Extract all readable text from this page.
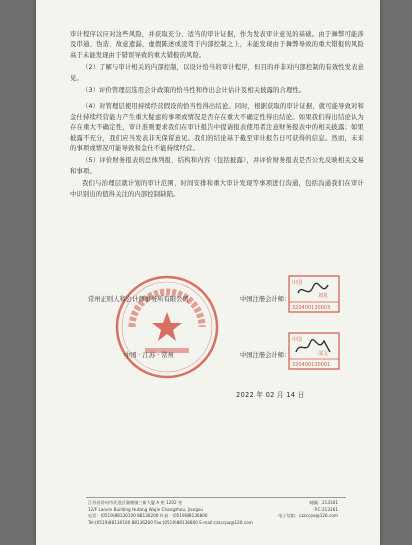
审计程序以应对这些风险，并获取充分、适当的审计证据，作为发表审计意见的基础。由于舞弊可能涉及串通、伪造、故意遗漏、虚假陈述或凌驾于内部控制之上，未能发现由于舞弊导致的重大错报的风险高于未能发现由于错误导致的重大错报的风险。

（2）了解与审计相关的内部控制，以设计恰当的审计程序，但目的并非对内部控制的有效性发表意见。

（3）评价管理层选用会计政策的恰当性和作出会计估计及相关披露的合理性。

（4）对管理层使用持续经营假设的恰当性得出结论。同时，根据获取的审计证据，就可能导致对和金仕持续经营能力产生重大疑虑的事项或情况是否存在重大不确定性得出结论。如果我们得出结论认为存在重大不确定性，审计准则要求我们在审计报告中提请报表使用者注意财务报表中的相关披露；如果披露不充分，我们应当发表非无保留意见。我们的结论基于截至审计报告日可获得的信息。然而，未来的事项或情况可能导致和金仕不能持续经营。

（5）评价财务报表的总体列报、结构和内容（包括披露），并评价财务报表是否公允反映相关交易和事项。

我们与治理层就计划的审计范围、时间安排和重大审计发现等事项进行沟通，包括沟通我们在审计中识别出的值得关注的内部控制缺陷。

常州正则人和会计师事务所有限公司	中国注册会计师：
中国 · 江苏 · 常州	中国注册会计师：
中国
刘星
320400130003
中国
邵文
320400130001
2022 年 02 月 14 日
江苏省常州市武进区湖塘镇三新大厦 A 座 1202 室	邮编：213161
12/F Lanxin Building Hutang Wujin Changzhou, Jiangsu	P.C:213161
电话：(0519)88130100 88136200 传真：(0519)88136800	电子信箱：czzccpa@126.com
Tel:(0519)88130100 88136200 Fax:(0519)88136800 E-mail:czzccpa@126.com
